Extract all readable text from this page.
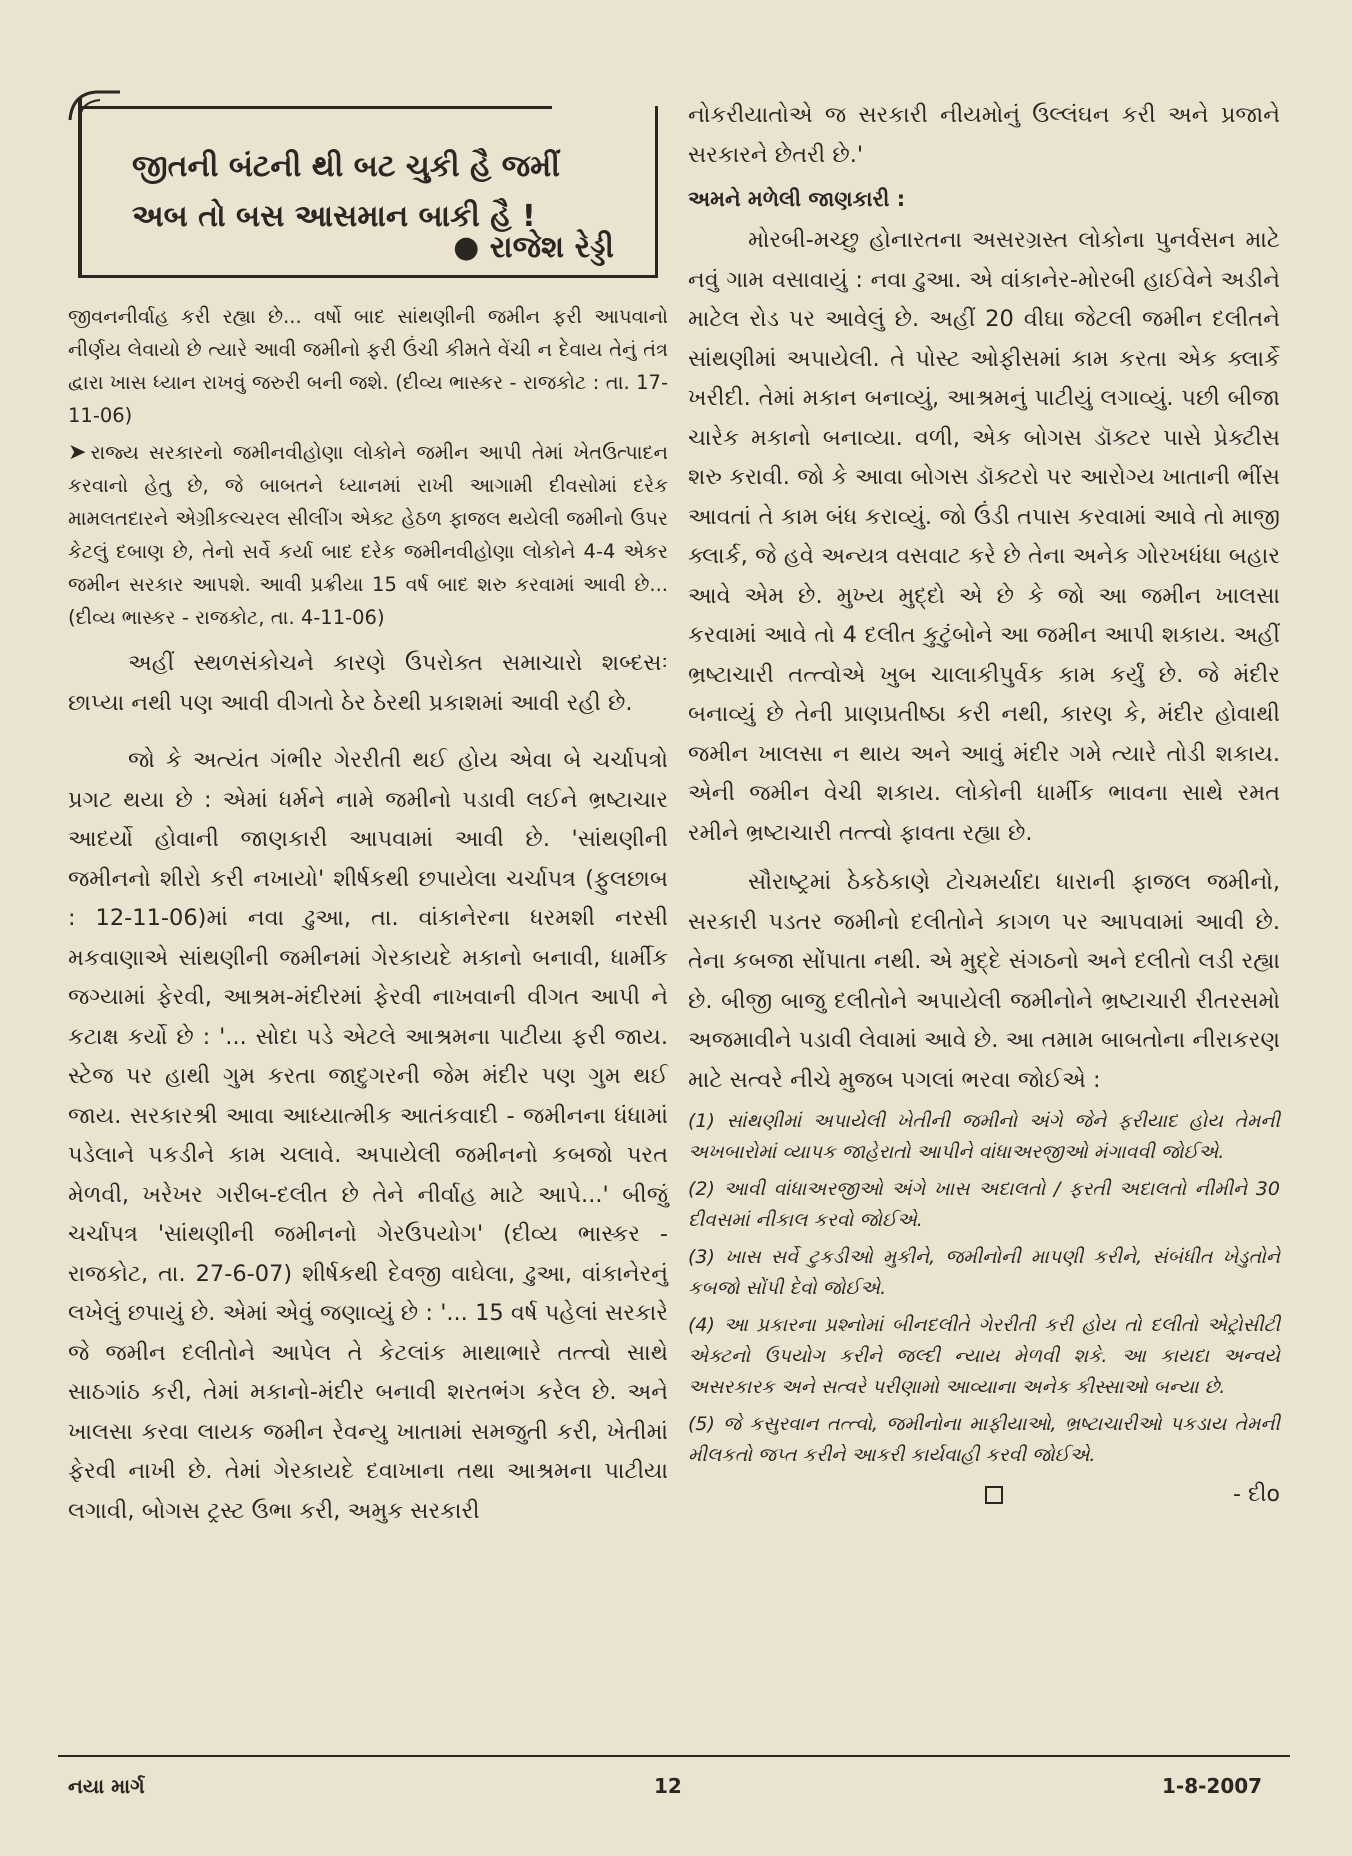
જીતની બંટની થી બટ ચુકી હૈ જમીં
અબ તો બસ આસમાન બાકી હૈ !
● રાજેશ રેડ્ડી

જીવનનીર્વાહ કરી રહ્યા છે... વર્ષો બાદ સાંથણીની જમીન ફરી આપવાનો નીર્ણય લેવાયો છે ત્યારે આવી જમીનો ફરી ઉંચી કીમતે વેંચી ન દેવાય તેનું તંત્ર દ્વારા ખાસ ધ્યાન રાખવું જરુરી બની જશે. (દીવ્ય ભાસ્કર - રાજકોટ : તા. 17-11-06)

➤ રાજ્ય સરકારનો જમીનવીહોણા લોકોને જમીન આપી તેમાં ખેતઉત્પાદન કરવાનો હેતુ છે, જે બાબતને ધ્યાનમાં રાખી આગામી દીવસોમાં દરેક મામલતદારને એગ્રીકલ્ચરલ સીલીંગ એક્ટ હેઠળ ફાજલ થયેલી જમીનો ઉપર કેટલું દબાણ છે, તેનો સર્વે કર્યા બાદ દરેક જમીનવીહોણા લોકોને 4-4 એકર જમીન સરકાર આપશે. આવી પ્રક્રીયા 15 વર્ષ બાદ શરુ કરવામાં આવી છે... (દીવ્ય ભાસ્કર - રાજકોટ, તા. 4-11-06)

અહીં સ્થળસંકોચને કારણે ઉપરોક્ત સમાચારો શબ્દસઃ છાપ્યા નથી પણ આવી વીગતો ઠેર ઠેરથી પ્રકાશમાં આવી રહી છે.

જો કે અત્યંત ગંભીર ગેરરીતી થઈ હોય એવા બે ચર્ચાપત્રો પ્રગટ થયા છે : એમાં ધર્મને નામે જમીનો પડાવી લઈને ભ્રષ્ટાચાર આદર્યો હોવાની જાણકારી આપવામાં આવી છે. 'સાંથણીની જમીનનો શીરો કરી નખાયો' શીર્ષકથી છપાયેલા ચર્ચાપત્ર (ફુલછાબ : 12-11-06)માં નવા ઢુઆ, તા. વાંકાનેરના ધરમશી નરસી મકવાણાએ સાંથણીની જમીનમાં ગેરકાયદે મકાનો બનાવી, ધાર્મીક જગ્યામાં ફેરવી, આશ્રમ-મંદીરમાં ફેરવી નાખવાની વીગત આપી ને કટાક્ષ કર્યો છે : '... સોદા પડે એટલે આશ્રમના પાટીયા ફરી જાય. સ્ટેજ પર હાથી ગુમ કરતા જાદુગરની જેમ મંદીર પણ ગુમ થઈ જાય. સરકારશ્રી આવા આધ્યાત્મીક આતંકવાદી - જમીનના ધંધામાં પડેલાને પકડીને કામ ચલાવે. અપાયેલી જમીનનો કબજો પરત મેળવી, ખરેખર ગરીબ-દલીત છે તેને નીર્વાહ માટે આપે...' બીજું ચર્ચાપત્ર 'સાંથણીની જમીનનો ગેરઉપયોગ' (દીવ્ય ભાસ્કર - રાજકોટ, તા. 27-6-07) શીર્ષકથી દેવજી વાઘેલા, ઢુઆ, વાંકાનેરનું લખેલું છપાયું છે. એમાં એવું જણાવ્યું છે : '... 15 વર્ષ પહેલાં સરકારે જે જમીન દલીતોને આપેલ તે કેટલાંક માથાભારે તત્ત્વો સાથે સાઠગાંઠ કરી, તેમાં મકાનો-મંદીર બનાવી શરતભંગ કરેલ છે. અને ખાલસા કરવા લાયક જમીન રેવન્યુ ખાતામાં સમજુતી કરી, ખેતીમાં ફેરવી નાખી છે. તેમાં ગેરકાયદે દવાખાના તથા આશ્રમના પાટીયા લગાવી, બોગસ ટ્રસ્ટ ઉભા કરી, અમુક સરકારી

નોકરીયાતોએ જ સરકારી નીયમોનું ઉલ્લંઘન કરી અને પ્રજાને સરકારને છેતરી છે.'

અમને મળેલી જાણકારી :

મોરબી-મચ્છુ હોનારતના અસરગ્રસ્ત લોકોના પુનર્વસન માટે નવું ગામ વસાવાયું : નવા ઢુઆ. એ વાંકાનેર-મોરબી હાઈવેને અડીને માટેલ રોડ પર આવેલું છે. અહીં 20 વીઘા જેટલી જમીન દલીતને સાંથણીમાં અપાયેલી. તે પોસ્ટ ઓફીસમાં કામ કરતા એક ક્લાર્કે ખરીદી. તેમાં મકાન બનાવ્યું, આશ્રમનું પાટીયું લગાવ્યું. પછી બીજા ચારેક મકાનો બનાવ્યા. વળી, એક બોગસ ડૉક્ટર પાસે પ્રેક્ટીસ શરુ કરાવી. જો કે આવા બોગસ ડૉક્ટરો પર આરોગ્ય ખાતાની ભીંસ આવતાં તે કામ બંધ કરાવ્યું. જો ઉંડી તપાસ કરવામાં આવે તો માજી ક્લાર્ક, જે હવે અન્યત્ર વસવાટ કરે છે તેના અનેક ગોરખધંધા બહાર આવે એમ છે. મુખ્ય મુદ્દો એ છે કે જો આ જમીન ખાલસા કરવામાં આવે તો 4 દલીત કુટુંબોને આ જમીન આપી શકાય. અહીં ભ્રષ્ટાચારી તત્ત્વોએ ખુબ ચાલાકીપુર્વક કામ કર્યું છે. જે મંદીર બનાવ્યું છે તેની પ્રાણપ્રતીષ્ઠા કરી નથી, કારણ કે, મંદીર હોવાથી જમીન ખાલસા ન થાય અને આવું મંદીર ગમે ત્યારે તોડી શકાય. એની જમીન વેચી શકાય. લોકોની ધાર્મીક ભાવના સાથે રમત રમીને ભ્રષ્ટાચારી તત્ત્વો ફાવતા રહ્યા છે.

સૌરાષ્ટ્રમાં ઠેકઠેકાણે ટોચમર્યાદા ધારાની ફાજલ જમીનો, સરકારી પડતર જમીનો દલીતોને કાગળ પર આપવામાં આવી છે. તેના કબજા સોંપાતા નથી. એ મુદ્દે સંગઠનો અને દલીતો લડી રહ્યા છે. બીજી બાજુ દલીતોને અપાયેલી જમીનોને ભ્રષ્ટાચારી રીતરસમો અજમાવીને પડાવી લેવામાં આવે છે. આ તમામ બાબતોના નીરાકરણ માટે સત્વરે નીચે મુજબ પગલાં ભરવા જોઈએ :

(1) સાંથણીમાં અપાયેલી ખેતીની જમીનો અંગે જેને ફરીયાદ હોય તેમની અખબારોમાં વ્યાપક જાહેરાતો આપીને વાંધાઅરજીઓ મંગાવવી જોઈએ.

(2) આવી વાંધાઅરજીઓ અંગે ખાસ અદાલતો / ફરતી અદાલતો નીમીને 30 દીવસમાં નીકાલ કરવો જોઈએ.

(3) ખાસ સર્વે ટુકડીઓ મુકીને, જમીનોની માપણી કરીને, સંબંધીત ખેડુતોને કબજો સોંપી દેવો જોઈએ.

(4) આ પ્રકારના પ્રશ્નોમાં બીનદલીતે ગેરરીતી કરી હોય તો દલીતો એટ્રોસીટી એક્ટનો ઉપયોગ કરીને જલ્દી ન્યાય મેળવી શકે. આ કાયદા અન્વયે અસરકારક અને સત્વરે પરીણામો આવ્યાના અનેક કીસ્સાઓ બન્યા છે.

(5) જે કસુરવાન તત્ત્વો, જમીનોના માફીયાઓ, ભ્રષ્ટાચારીઓ પકડાય તેમની મીલકતો જપ્ત કરીને આકરી કાર્યવાહી કરવી જોઈએ.

- દીo
નયા માર્ગ	12	1-8-2007
